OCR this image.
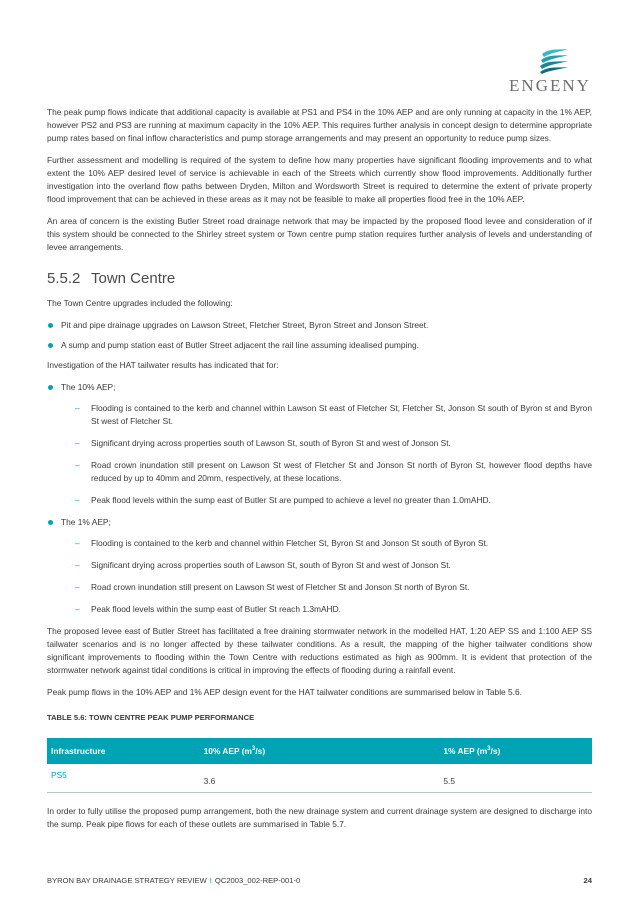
ENGENY

The peak pump flows indicate that additional capacity is available at PS1 and PS4 in the 10% AEP and are only running at capacity in the 1% AEP, however PS2 and PS3 are running at maximum capacity in the 10% AEP. This requires further analysis in concept design to determine appropriate pump rates based on final inflow characteristics and pump storage arrangements and may present an opportunity to reduce pump sizes.

Further assessment and modelling is required of the system to define how many properties have significant flooding improvements and to what extent the 10% AEP desired level of service is achievable in each of the Streets which currently show flood improvements. Additionally further investigation into the overland flow paths between Dryden, Milton and Wordsworth Street is required to determine the extent of private property flood improvement that can be achieved in these areas as it may not be feasible to make all properties flood free in the 10% AEP.

An area of concern is the existing Butler Street road drainage network that may be impacted by the proposed flood levee and consideration of if this system should be connected to the Shirley street system or Town centre pump station requires further analysis of levels and understanding of levee arrangements.

5.5.2 Town Centre

The Town Centre upgrades included the following:

Pit and pipe drainage upgrades on Lawson Street, Fletcher Street, Byron Street and Jonson Street.
A sump and pump station east of Butler Street adjacent the rail line assuming idealised pumping.

Investigation of the HAT tailwater results has indicated that for:

The 10% AEP;
– Flooding is contained to the kerb and channel within Lawson St east of Fletcher St, Fletcher St, Jonson St south of Byron st and Byron St west of Fletcher St.
– Significant drying across properties south of Lawson St, south of Byron St and west of Jonson St.
– Road crown inundation still present on Lawson St west of Fletcher St and Jonson St north of Byron St, however flood depths have reduced by up to 40mm and 20mm, respectively, at these locations.
– Peak flood levels within the sump east of Butler St are pumped to achieve a level no greater than 1.0mAHD.
The 1% AEP;
– Flooding is contained to the kerb and channel within Fletcher St, Byron St and Jonson St south of Byron St.
– Significant drying across properties south of Lawson St, south of Byron St and west of Jonson St.
– Road crown inundation still present on Lawson St west of Fletcher St and Jonson St north of Byron St.
– Peak flood levels within the sump east of Butler St reach 1.3mAHD.

The proposed levee east of Butler Street has facilitated a free draining stormwater network in the modelled HAT, 1:20 AEP SS and 1:100 AEP SS tailwater scenarios and is no longer affected by these tailwater conditions. As a result, the mapping of the higher tailwater conditions show significant improvements to flooding within the Town Centre with reductions estimated as high as 900mm. It is evident that protection of the stormwater network against tidal conditions is critical in improving the effects of flooding during a rainfall event.

Peak pump flows in the 10% AEP and 1% AEP design event for the HAT tailwater conditions are summarised below in Table 5.6.

TABLE 5.6: TOWN CENTRE PEAK PUMP PERFORMANCE
Infrastructure	10% AEP $(m^3/s)$	1% AEP $(m^3/s)$
PS5	3.6	5.5

In order to fully utilise the proposed pump arrangement, both the new drainage system and current drainage system are designed to discharge into the sump. Peak pipe flows for each of these outlets are summarised in Table 5.7.

BYRON BAY DRAINAGE STRATEGY REVIEW I QC2003_002-REP-001-0	24
